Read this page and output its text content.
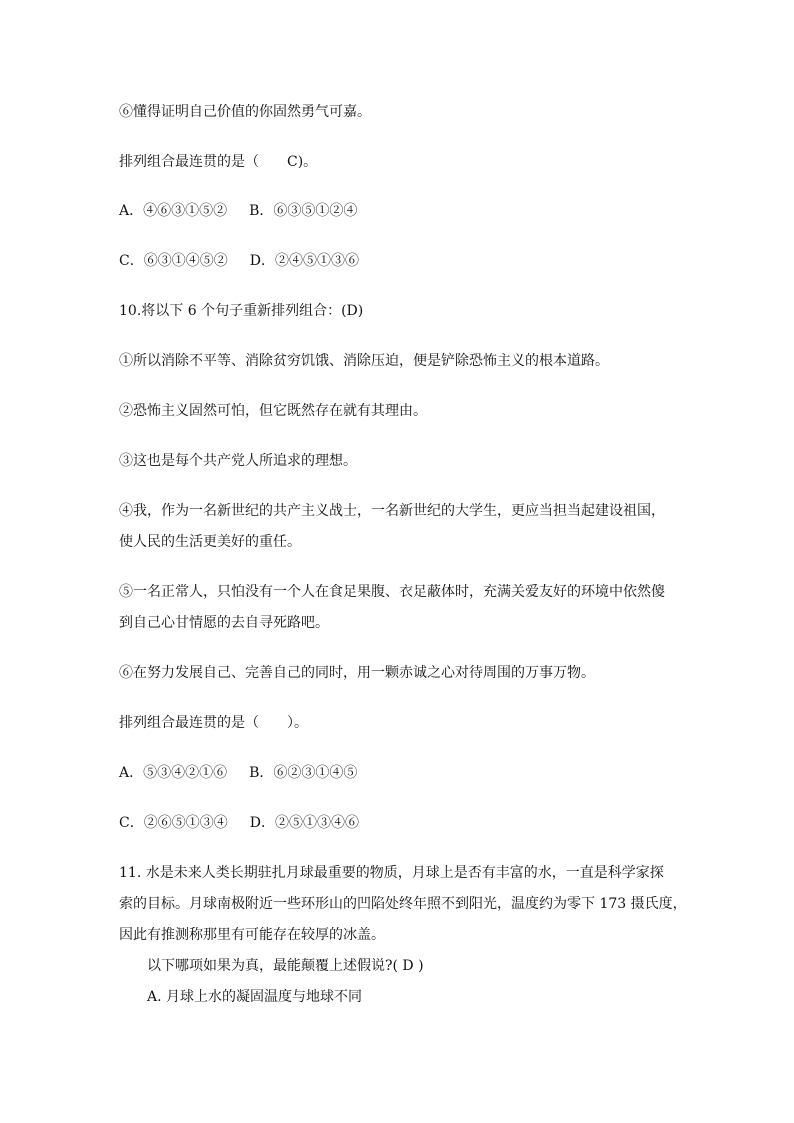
⑥懂得证明自己价值的你固然勇气可嘉。
排列组合最连贯的是（　　C)。
A．④⑥③①⑤② B．⑥③⑤①②④
C．⑥③①④⑤② D．②④⑤①③⑥
10.将以下 6 个句子重新排列组合：(D)
①所以消除不平等、消除贫穷饥饿、消除压迫，便是铲除恐怖主义的根本道路。
②恐怖主义固然可怕，但它既然存在就有其理由。
③这也是每个共产党人所追求的理想。
④我，作为一名新世纪的共产主义战士，一名新世纪的大学生，更应当担当起建设祖国，
使人民的生活更美好的重任。
⑤一名正常人，只怕没有一个人在食足果腹、衣足蔽体时，充满关爱友好的环境中依然傻
到自己心甘情愿的去自寻死路吧。
⑥在努力发展自己、完善自己的同时，用一颗赤诚之心对待周围的万事万物。
排列组合最连贯的是（　　）。
A．⑤③④②①⑥ B．⑥②③①④⑤
C．②⑥⑤①③④ D．②⑤①③④⑥
11. 水是未来人类长期驻扎月球最重要的物质，月球上是否有丰富的水，一直是科学家探
索的目标。月球南极附近一些环形山的凹陷处终年照不到阳光，温度约为零下 173 摄氏度，
因此有推测称那里有可能存在较厚的冰盖。
以下哪项如果为真，最能颠覆上述假说?( D )
A. 月球上水的凝固温度与地球不同
